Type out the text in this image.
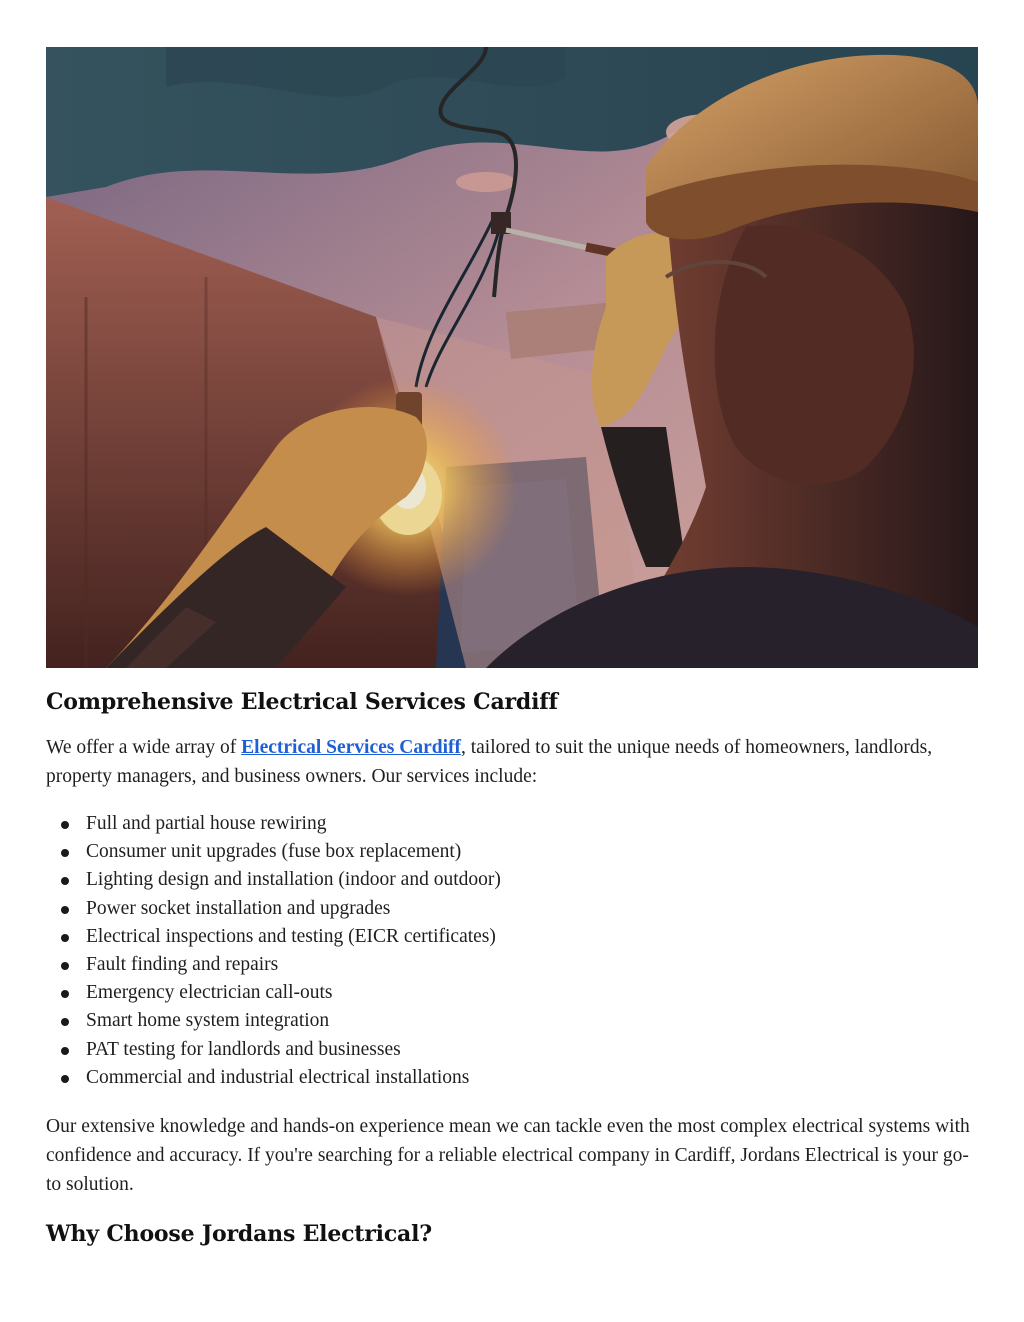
Comprehensive Electrical Services Cardiff

We offer a wide array of Electrical Services Cardiff, tailored to suit the unique needs of homeowners, landlords, property managers, and business owners. Our services include:

Full and partial house rewiring
Consumer unit upgrades (fuse box replacement)
Lighting design and installation (indoor and outdoor)
Power socket installation and upgrades
Electrical inspections and testing (EICR certificates)
Fault finding and repairs
Emergency electrician call-outs
Smart home system integration
PAT testing for landlords and businesses
Commercial and industrial electrical installations

Our extensive knowledge and hands-on experience mean we can tackle even the most complex electrical systems with confidence and accuracy. If you're searching for a reliable electrical company in Cardiff, Jordans Electrical is your go-to solution.

Why Choose Jordans Electrical?
